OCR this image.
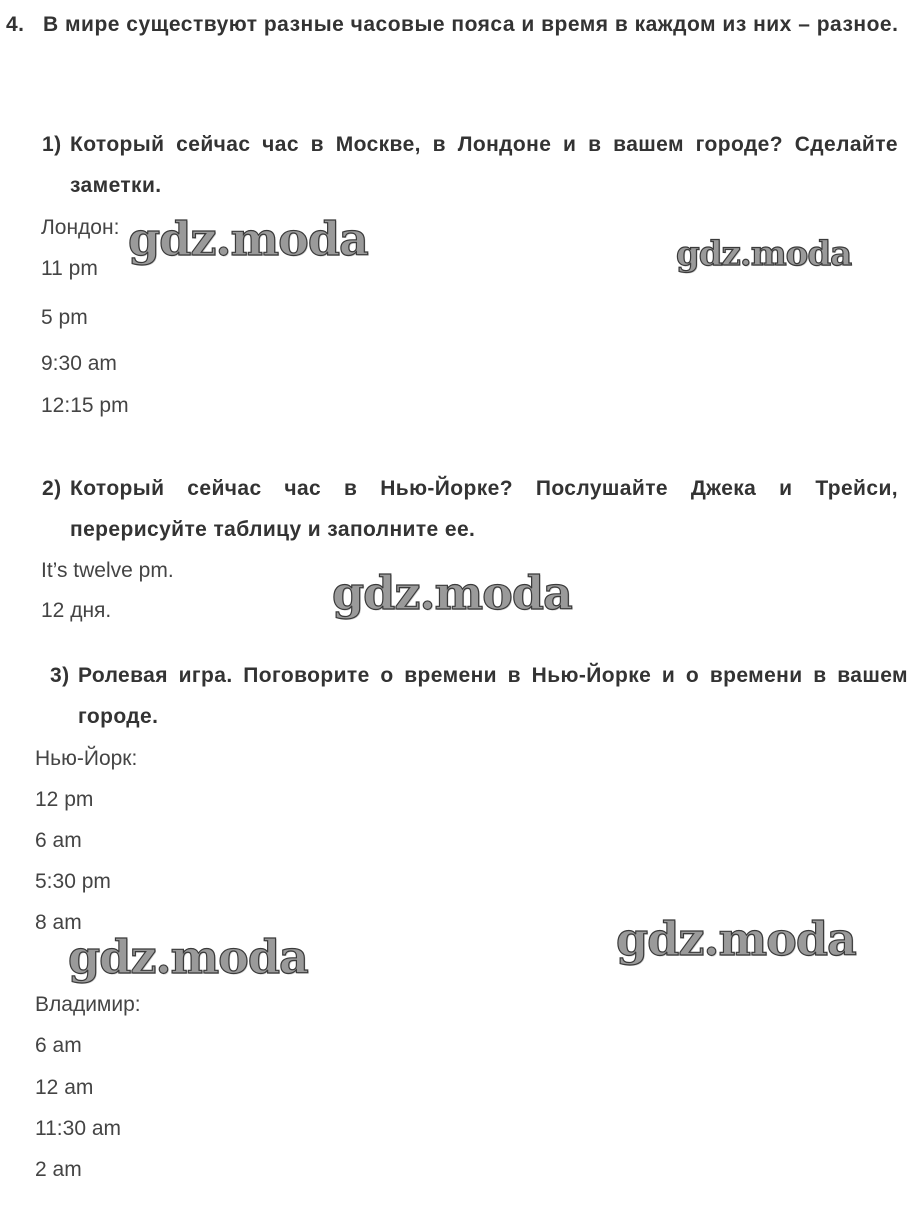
4. В мире существуют разные часовые пояса и время в каждом из них – разное.
1) Который сейчас час в Москве, в Лондоне и в вашем городе? Сделайте заметки.
Лондон:
11 pm
5 pm
9:30 am
12:15 pm
2) Который сейчас час в Нью-Йорке? Послушайте Джека и Трейси, перерисуйте таблицу и заполните ее.
It’s twelve pm.
12 дня.
3) Ролевая игра. Поговорите о времени в Нью-Йорке и о времени в вашем городе.
Нью-Йорк:
12 pm
6 am
5:30 pm
8 am
Владимир:
6 am
12 am
11:30 am
2 am
gdz.moda	gdz.moda
gdz.moda
gdz.moda
gdz.moda
